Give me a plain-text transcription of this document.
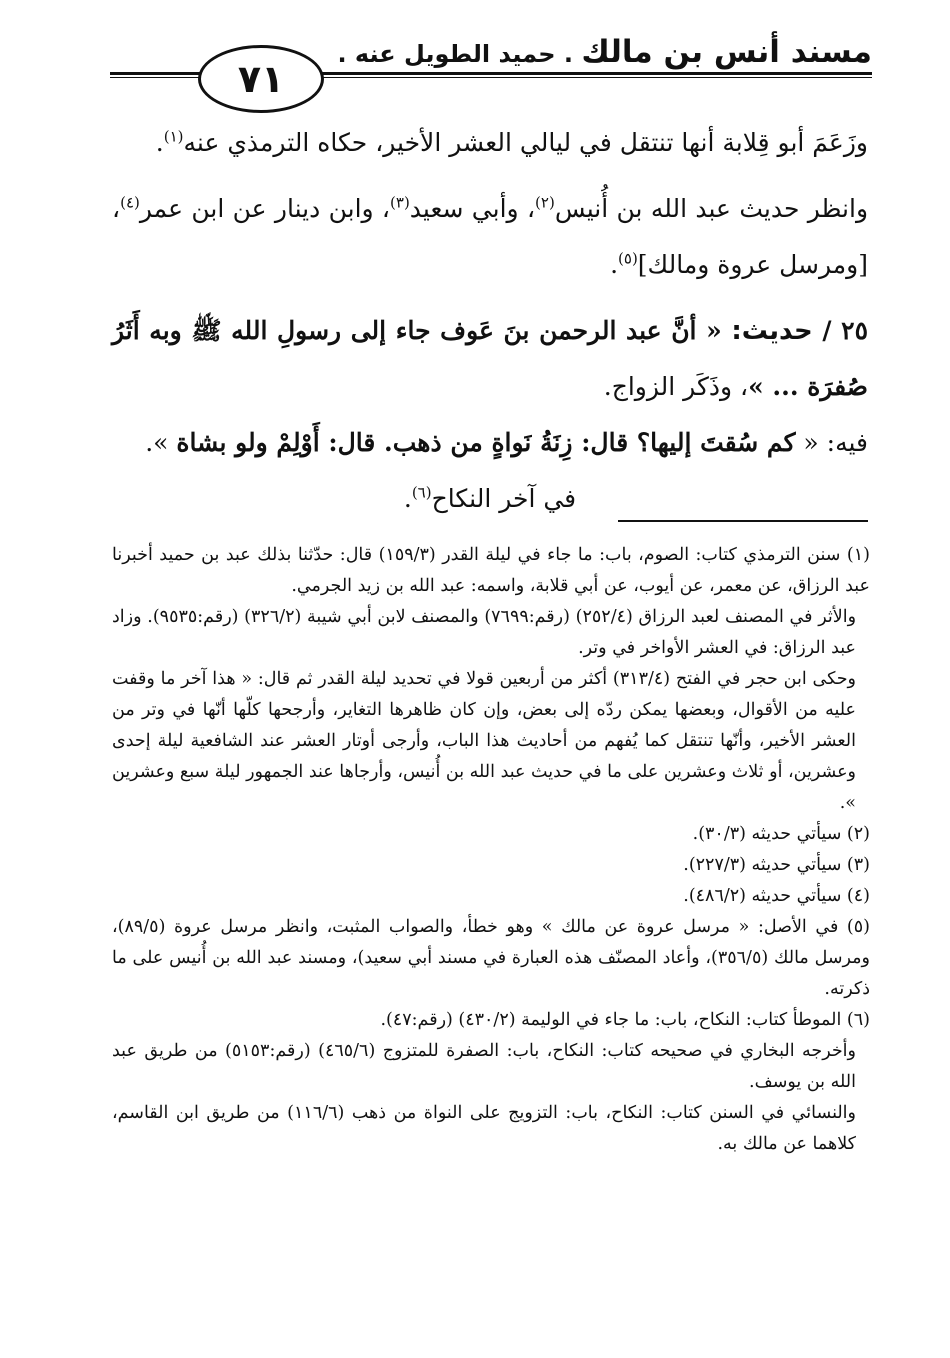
مسند أنس بن مالك . حميد الطويل عنه .
٧١

وزَعَمَ أبو قِلابة أنها تنتقل في ليالي العشر الأخير، حكاه الترمذي عنه$^{(١)}$.

وانظر حديث عبد الله بن أُنيس$^{(٢)}$، وأبي سعيد$^{(٣)}$، وابن دينار عن ابن عمر$^{(٤)}$، [ومرسل عروة ومالك]$^{(٥)}$.

٢٥ / حديث: « أنَّ عبد الرحمن بنَ عَوف جاء إلى رسولِ الله ﷺ وبه أَثَرُ صُفرَة ... »، وذَكَر الزواج.

فيه: « كم سُقتَ إليها؟ قال: زِنَةُ نَواةٍ من ذهب. قال: أَوْلِمْ ولو بشاة ».

في آخر النكاح$^{(٦)}$.

(١) سنن الترمذي كتاب: الصوم، باب: ما جاء في ليلة القدر (١٥٩/٣) قال: حدّثنا بذلك عبد بن حميد أخبرنا عبد الرزاق، عن معمر، عن أيوب، عن أبي قلابة، واسمه: عبد الله بن زيد الجرمي.

والأثر في المصنف لعبد الرزاق (٢٥٢/٤) (رقم:٧٦٩٩) والمصنف لابن أبي شيبة (٣٢٦/٢) (رقم:٩٥٣٥). وزاد عبد الرزاق: في العشر الأواخر في وتر.

وحكى ابن حجر في الفتح (٣١٣/٤) أكثر من أربعين قولا في تحديد ليلة القدر ثم قال: « هذا آخر ما وقفت عليه من الأقوال، وبعضها يمكن ردّه إلى بعض، وإن كان ظاهرها التغاير، وأرجحها كلّها أنّها في وتر من العشر الأخير، وأنّها تنتقل كما يُفهم من أحاديث هذا الباب، وأرجى أوتار العشر عند الشافعية ليلة إحدى وعشرين، أو ثلاث وعشرين على ما في حديث عبد الله بن أُنيس، وأرجاها عند الجمهور ليلة سبع وعشرين ».

(٢) سيأتي حديثه (٣٠/٣).

(٣) سيأتي حديثه (٢٢٧/٣).

(٤) سيأتي حديثه (٤٨٦/٢).

(٥) في الأصل: « مرسل عروة عن مالك » وهو خطأ، والصواب المثبت، وانظر مرسل عروة (٨٩/٥)، ومرسل مالك (٣٥٦/٥)، وأعاد المصنّف هذه العبارة في مسند أبي سعيد)، ومسند عبد الله بن أُنيس على ما ذكرته.

(٦) الموطأ كتاب: النكاح، باب: ما جاء في الوليمة (٤٣٠/٢) (رقم:٤٧).

وأخرجه البخاري في صحيحه كتاب: النكاح، باب: الصفرة للمتزوج (٤٦٥/٦) (رقم:٥١٥٣) من طريق عبد الله بن يوسف.

والنسائي في السنن كتاب: النكاح، باب: التزويج على النواة من ذهب (١١٦/٦) من طريق ابن القاسم، كلاهما عن مالك به.
